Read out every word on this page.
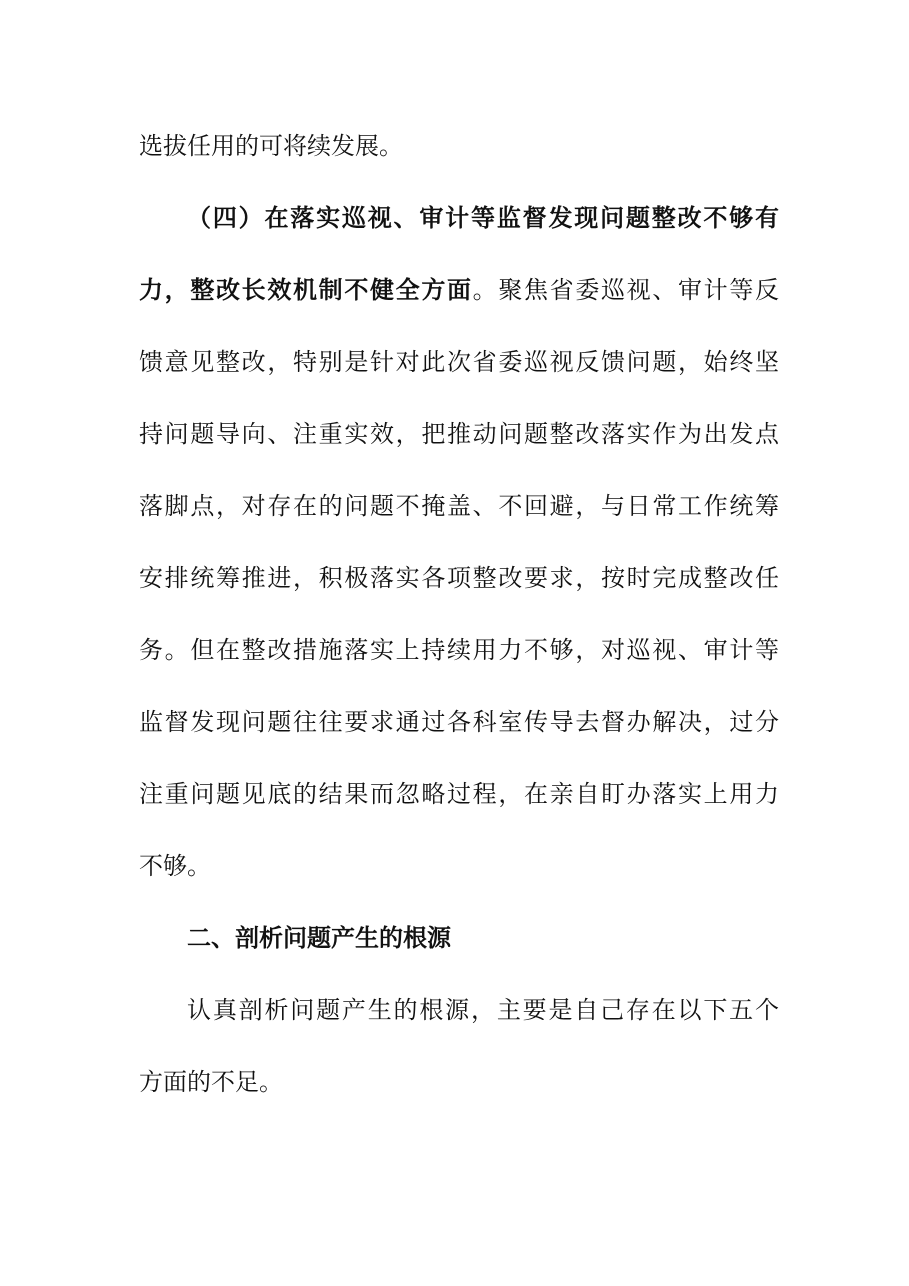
选拔任用的可将续发展。
（四）在落实巡视、审计等监督发现问题整改不够有
力，整改长效机制不健全方面。聚焦省委巡视、审计等反
馈意见整改，特别是针对此次省委巡视反馈问题，始终坚
持问题导向、注重实效，把推动问题整改落实作为出发点
落脚点，对存在的问题不掩盖、不回避，与日常工作统筹
安排统筹推进，积极落实各项整改要求，按时完成整改任
务。但在整改措施落实上持续用力不够，对巡视、审计等
监督发现问题往往要求通过各科室传导去督办解决，过分
注重问题见底的结果而忽略过程，在亲自盯办落实上用力
不够。
二、剖析问题产生的根源
认真剖析问题产生的根源，主要是自己存在以下五个
方面的不足。
